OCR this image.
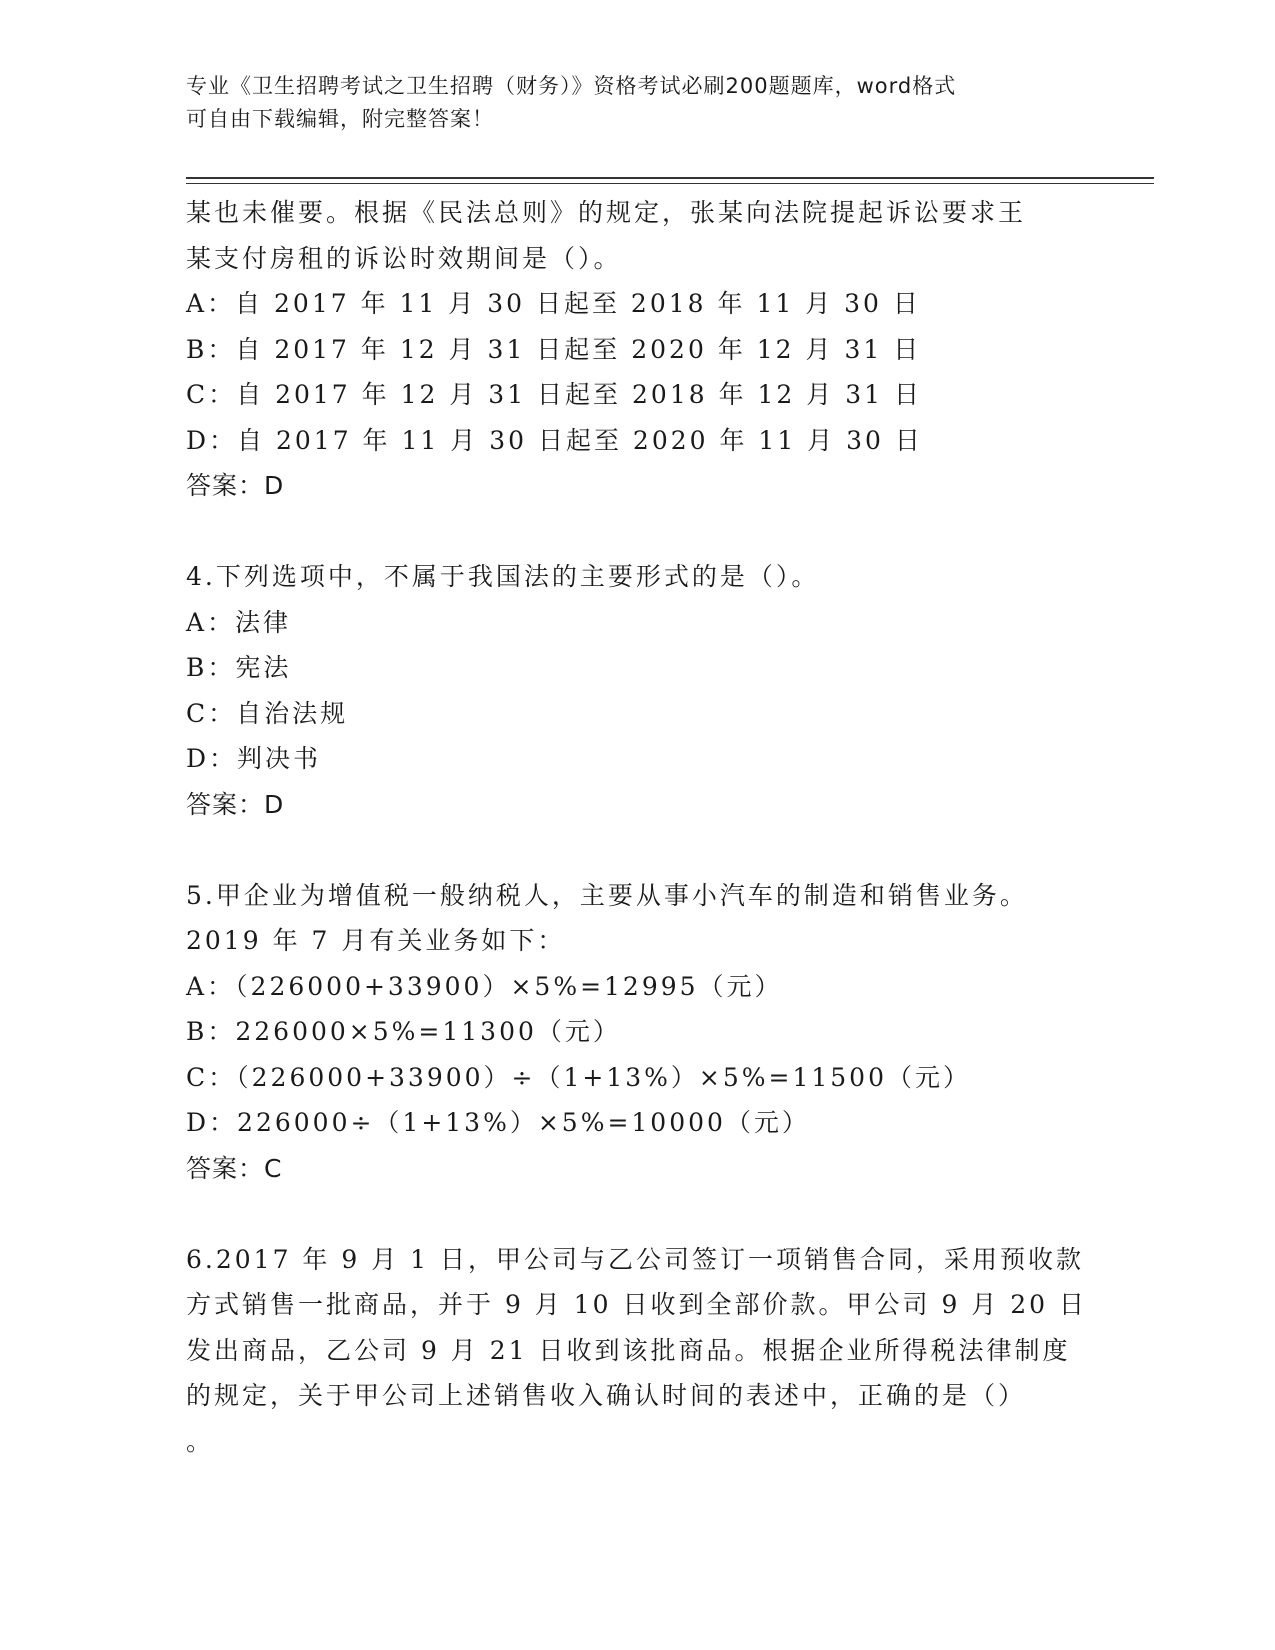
专业《卫生招聘考试之卫生招聘（财务）》资格考试必刷200题题库，word格式
可自由下载编辑，附完整答案！
某也未催要。根据《民法总则》的规定，张某向法院提起诉讼要求王
某支付房租的诉讼时效期间是（）。
A：自 2017 年 11 月 30 日起至 2018 年 11 月 30 日
B：自 2017 年 12 月 31 日起至 2020 年 12 月 31 日
C：自 2017 年 12 月 31 日起至 2018 年 12 月 31 日
D：自 2017 年 11 月 30 日起至 2020 年 11 月 30 日
答案：D
4.下列选项中，不属于我国法的主要形式的是（）。
A：法律
B：宪法
C：自治法规
D：判决书
答案：D
5.甲企业为增值税一般纳税人，主要从事小汽车的制造和销售业务。
2019 年 7 月有关业务如下：
A：（226000+33900）×5%=12995（元）
B：226000×5%=11300（元）
C：（226000+33900）÷（1+13%）×5%=11500（元）
D：226000÷（1+13%）×5%=10000（元）
答案：C
6.2017 年 9 月 1 日，甲公司与乙公司签订一项销售合同，采用预收款
方式销售一批商品，并于 9 月 10 日收到全部价款。甲公司 9 月 20 日
发出商品，乙公司 9 月 21 日收到该批商品。根据企业所得税法律制度
的规定，关于甲公司上述销售收入确认时间的表述中，正确的是（）
。
